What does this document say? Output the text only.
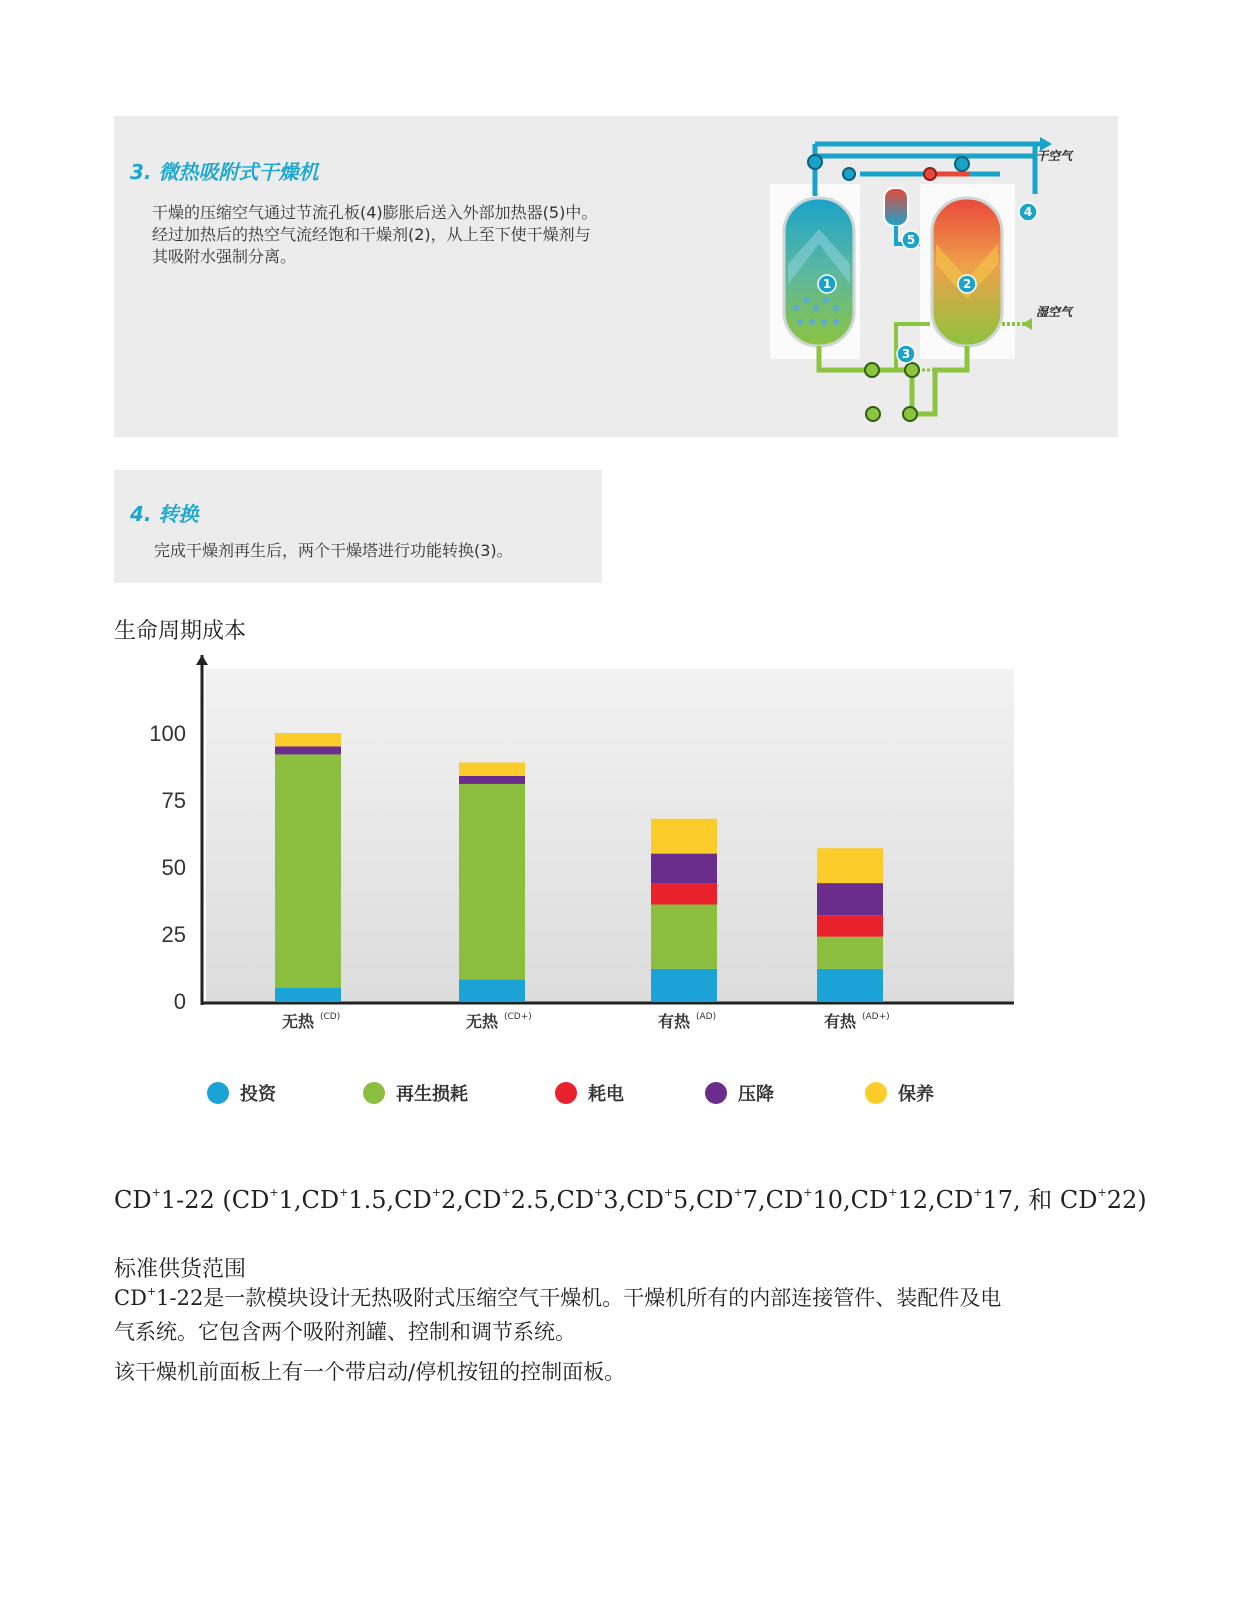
3. 微热吸附式干燥机
干燥的压缩空气通过节流孔板(4)膨胀后送入外部加热器(5)中。
经过加热后的热空气流经饱和干燥剂(2)，从上至下使干燥剂与
其吸附水强制分离。
干空气
湿空气
1	2
3
4
5
4. 转换
完成干燥剂再生后，两个干燥塔进行功能转换(3)。
生命周期成本
0
25
50
75
100
无热 (CD)	无热 (CD+)	有热 (AD)	有热 (AD+)
投资	再生损耗	耗电	压降	保养
CD+1-22 (CD+1,CD+1.5,CD+2,CD+2.5,CD+3,CD+5,CD+7,CD+10,CD+12,CD+17, 和 CD+22)
标准供货范围
CD+1-22是一款模块设计无热吸附式压缩空气干燥机。干燥机所有的内部连接管件、装配件及电
气系统。它包含两个吸附剂罐、控制和调节系统。
该干燥机前面板上有一个带启动/停机按钮的控制面板。
